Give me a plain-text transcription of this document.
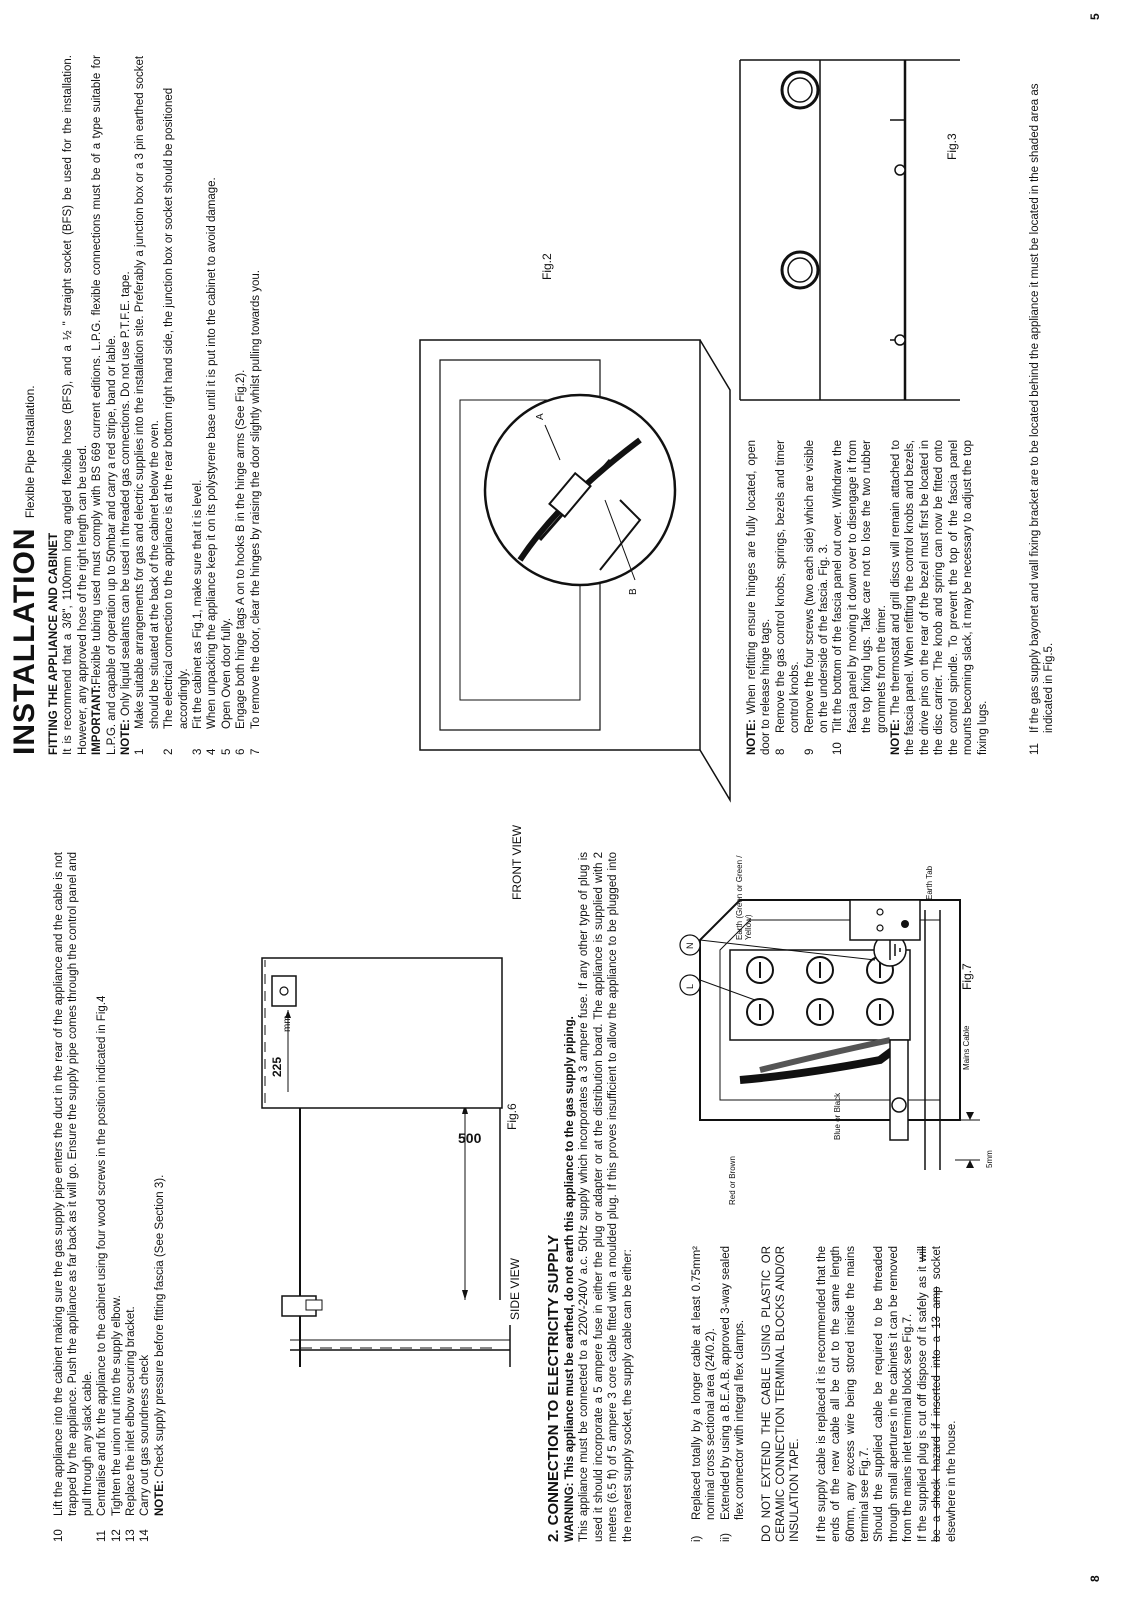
10

Lift the appliance into the cabinet making sure the gas supply pipe enters the duct in the rear of the appliance and the cable is not trapped by the appliance. Push the appliance as far back as it will go. Ensure the supply pipe comes through the control panel and pull through any slack cable.

11

Centralise and fix the appliance to the cabinet using four wood screws in the position indicated in Fig.4

12

Tighten the union nut into the supply elbow.

13

Replace the inlet elbow securing bracket.

14

Carry out gas soundness check NOTE: Check supply pressure before fitting fascia (See Section 3).
500
225
mm
SIDE VIEW
Fig.6
FRONT VIEW
2. CONNECTION TO ELECTRICITY SUPPLY WARNING: This appliance must be earthed, do not earth this appliance to the gas supply piping. This appliance must be connected to a 220V-240V a.c. 50Hz supply which incorporates a 3 ampere fuse. If any other type of plug is used it should incorporate a 5 ampere fuse in either the plug or adapter or at the distribution board. The appliance is supplied with 2 meters (6.5 ft) of 5 ampere 3 core cable fitted with a moulded plug. If this proves insufficient to allow the appliance to be plugged into the nearest supply socket, the supply cable can be either:	i)

Replaced totally by a longer cable at least 0.75mm² nominal cross sectional area (24/0.2).

ii)

Extended by using a B.E.A.B. approved 3-way sealed flex connector with integral flex clamps. DO NOT EXTEND THE CABLE USING PLASTIC OR CERAMIC CONNECTION TERMINAL BLOCKS AND/OR INSULATION TAPE. If the supply cable is replaced it is recommended that the ends of the new cable all be cut to the same length 60mm, any excess wire being stored inside the mains terminal see Fig.7. Should the supplied cable be required to be threaded through small apertures in the cabinets it can be removed from the mains inlet terminal block see Fig.7. If the supplied plug is cut off dispose of it safely as it will be a shock hazard if inserted into a 13 amp socket elsewhere in the house.

Fig.7
Red or Brown
Blue or Black
Mains Cable
Earth (Green or Green / Yellow)
Earth Tab
5mm
L
N
INSTALLATION Flexible Pipe Installation.

FITTING THE APPLIANCE AND CABINET It is recommend that a 3/8", 1100mm long angled flexible hose (BFS), and a ½ " straight socket (BFS) be used for the installation. However, any approved hose of the right length can be used. IMPORTANT:Flexible tubing used must comply with BS 669 current editions. L.P.G. flexible connections must be of a type suitable for L.P.G. and capable of operation up to 50mbar and carry a red stripe, band or lable. NOTE: Only liquid sealants can be used in threaded gas connections. Do not use P.T.F.E. tape.

1

Make suitable arrangements for gas and electric supplies into the installation site. Preferably a junction box or a 3 pin earthed socket should be situated at the back of the cabinet below the oven.

2

The electrical connection to the appliance is at the rear bottom right hand side, the junction box or socket should be positioned accordingly.

3

Fit the cabinet as Fig.1, make sure that it is level.

4

When unpacking the appliance keep it on its polystyrene base until it is put into the cabinet to avoid damage.

5

Open Oven door fully.

6

Engage both hinge tags A on to hooks B in the hinge arms (See Fig.2).

7

To remove the door, clear the hinges by raising the door slightly whilst pulling towards you.	A
B
Fig.2

NOTE: When refitting ensure hinges are fully located, open door to release hinge tags. 8

Remove the gas control knobs, springs, bezels and timer control knobs.

9

Remove the four screws (two each side) which are visible on the underside of the fascia. Fig. 3.

10

Tilt the bottom of the fascia panel out over. Withdraw the fascia panel by moving it down over to disengage it from the top fixing lugs. Take care not to lose the two rubber grommets from the timer.

NOTE: The thermostat and grill discs will remain attached to the fascia panel. When refitting the control knobs and bezels, the drive pins on the rear of the bezel must first be located in the disc carrier. The knob and spring can now be fitted onto the control spindle. To prevent the top of the fascia panel mounts becoming slack, it may be necessary to adjust the top fixing lugs.	11

If the gas supply bayonet and wall fixing bracket are to be located behind the appliance it must be located in the shaded area as indicated in Fig.5.

Fig.3
8
5
